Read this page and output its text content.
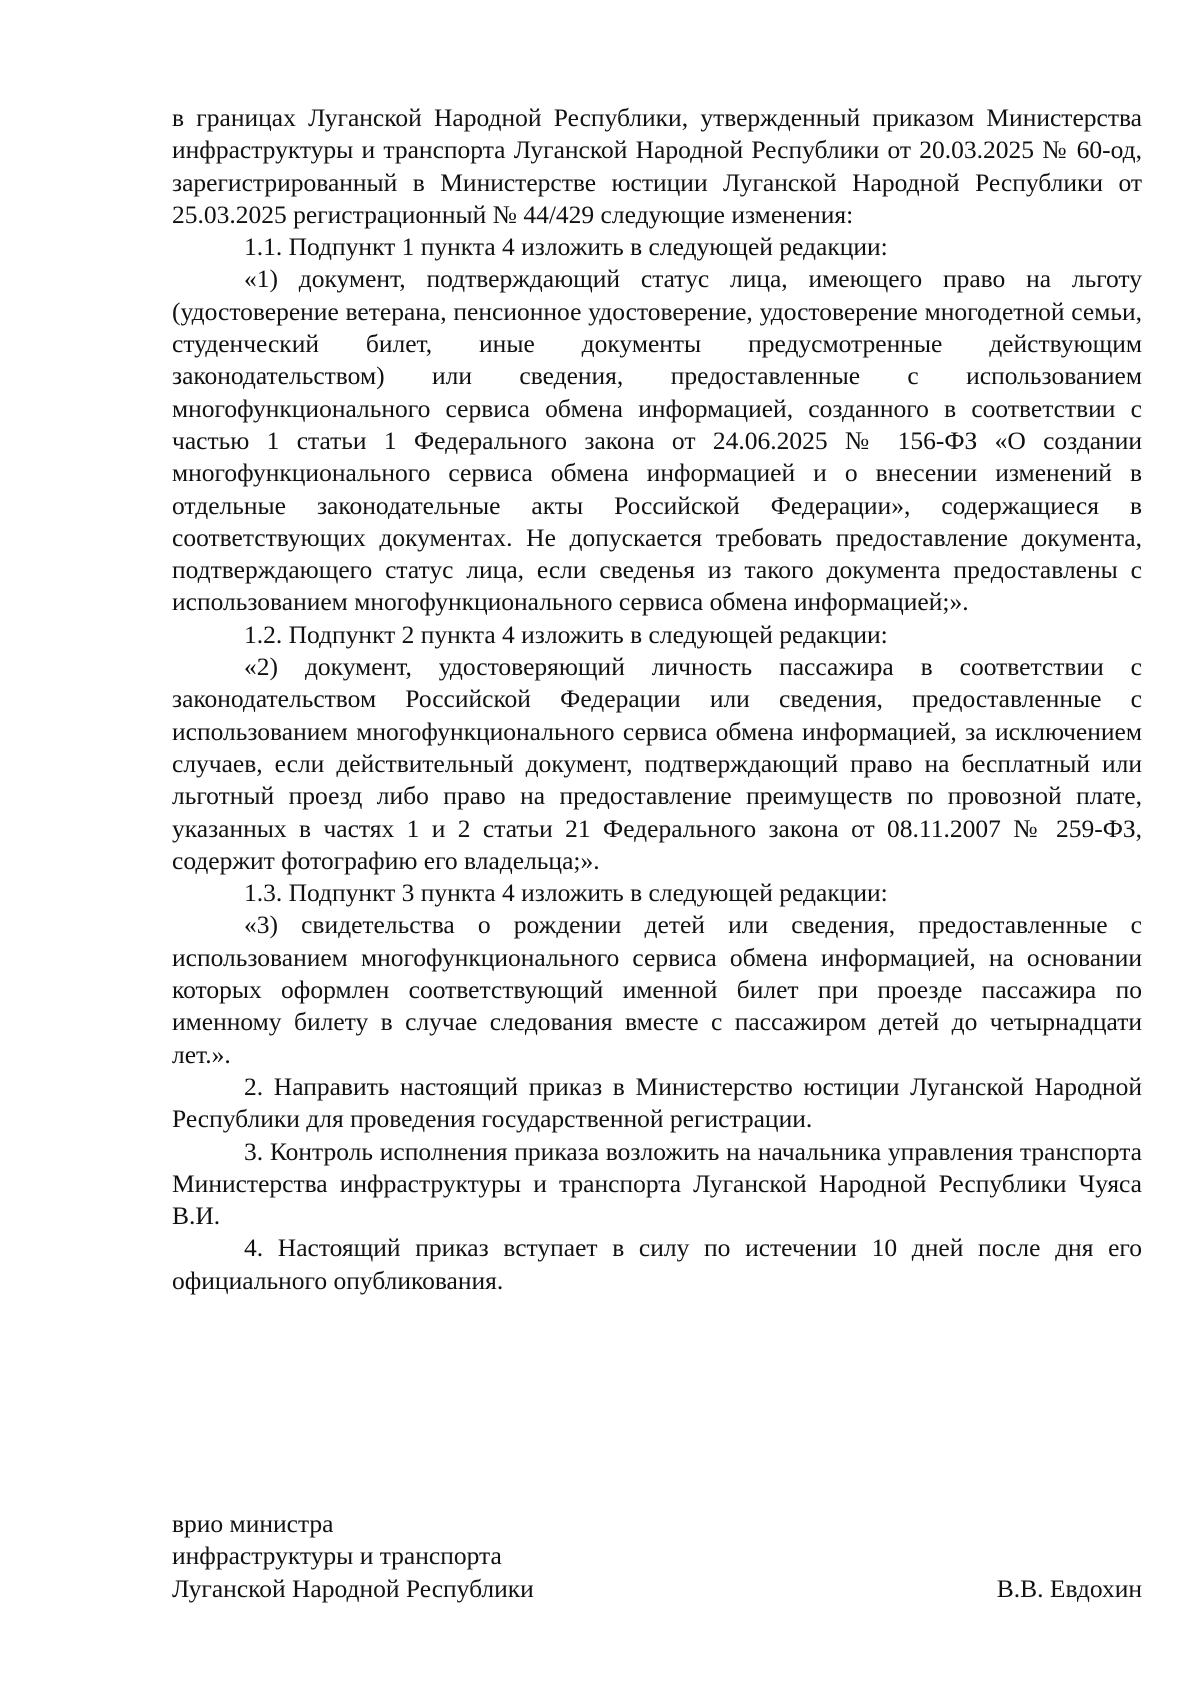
в границах Луганской Народной Республики, утвержденный приказом Министерства инфраструктуры и транспорта Луганской Народной Республики от 20.03.2025 № 60-од, зарегистрированный в Министерстве юстиции Луганской Народной Республики от 25.03.2025 регистрационный № 44/429 следующие изменения:

1.1. Подпункт 1 пункта 4 изложить в следующей редакции:

«1) документ, подтверждающий статус лица, имеющего право на льготу (удостоверение ветерана, пенсионное удостоверение, удостоверение многодетной семьи, студенческий билет, иные документы предусмотренные действующим законодательством) или сведения, предоставленные с использованием многофункционального сервиса обмена информацией, созданного в соответствии с частью 1 статьи 1 Федерального закона от 24.06.2025 № 156-ФЗ «О создании многофункционального сервиса обмена информацией и о внесении изменений в отдельные законодательные акты Российской Федерации», содержащиеся в соответствующих документах. Не допускается требовать предоставление документа, подтверждающего статус лица, если сведенья из такого документа предоставлены с использованием многофункционального сервиса обмена информацией;».

1.2. Подпункт 2 пункта 4 изложить в следующей редакции:

«2) документ, удостоверяющий личность пассажира в соответствии с законодательством Российской Федерации или сведения, предоставленные с использованием многофункционального сервиса обмена информацией, за исключением случаев, если действительный документ, подтверждающий право на бесплатный или льготный проезд либо право на предоставление преимуществ по провозной плате, указанных в частях 1 и 2 статьи 21 Федерального закона от 08.11.2007 № 259-ФЗ, содержит фотографию его владельца;».

1.3. Подпункт 3 пункта 4 изложить в следующей редакции:

«3) свидетельства о рождении детей или сведения, предоставленные с использованием многофункционального сервиса обмена информацией, на основании которых оформлен соответствующий именной билет при проезде пассажира по именному билету в случае следования вместе с пассажиром детей до четырнадцати лет.».

2. Направить настоящий приказ в Министерство юстиции Луганской Народной Республики для проведения государственной регистрации.

3. Контроль исполнения приказа возложить на начальника управления транспорта Министерства инфраструктуры и транспорта Луганской Народной Республики Чуяса В.И.

4. Настоящий приказ вступает в силу по истечении 10 дней после дня его официального опубликования.

врио министра
инфраструктуры и транспорта
Луганской Народной Республики	В.В. Евдохин
